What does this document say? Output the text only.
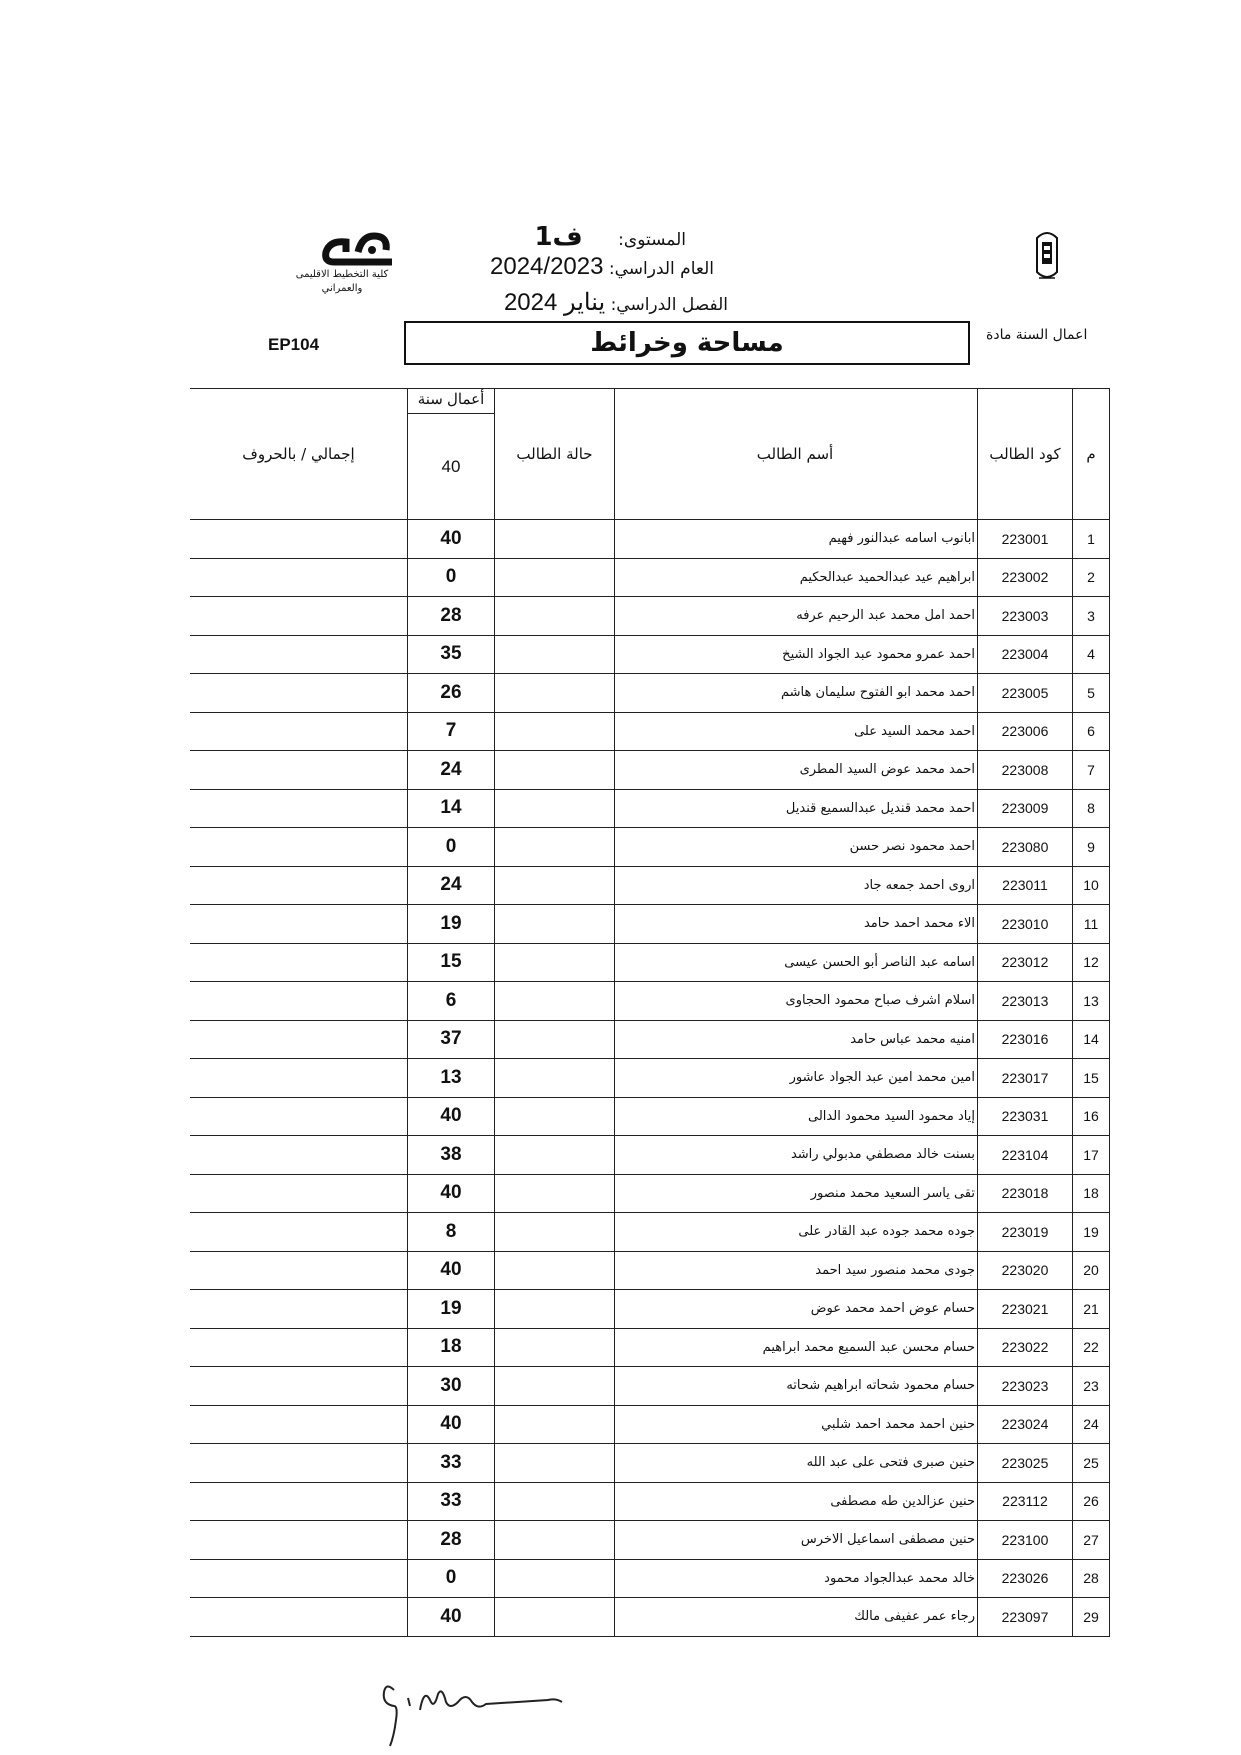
كلية التخطيط الاقليمى والعمراني
المستوى: ف1
العام الدراسي: 2024/2023
الفصل الدراسي: يناير 2024
اعمال السنة مادة
مساحة وخرائط
EP104
إجمالي / بالحروف	أعمال سنة
40	حالة الطالب	أسم الطالب	كود الطالب	م
	40		ابانوب اسامه عبدالنور فهيم	223001	1
	0		ابراهيم عيد عبدالحميد عبدالحكيم	223002	2
	28		احمد امل محمد عبد الرحيم عرفه	223003	3
	35		احمد عمرو محمود عبد الجواد الشيخ	223004	4
	26		احمد محمد ابو الفتوح سليمان هاشم	223005	5
	7		احمد محمد السيد على	223006	6
	24		احمد محمد عوض السيد المطرى	223008	7
	14		احمد محمد قنديل عبدالسميع قنديل	223009	8
	0		احمد محمود نصر حسن	223080	9
	24		اروى احمد جمعه جاد	223011	10
	19		الاء محمد احمد حامد	223010	11
	15		اسامه عبد الناصر أبو الحسن عيسى	223012	12
	6		اسلام اشرف صباح محمود الحجاوى	223013	13
	37		امنيه محمد عباس حامد	223016	14
	13		امين محمد امين عبد الجواد عاشور	223017	15
	40		إياد محمود السيد محمود الدالى	223031	16
	38		بسنت خالد مصطفي مدبولي راشد	223104	17
	40		تقى ياسر السعيد محمد منصور	223018	18
	8		جوده محمد جوده عبد القادر على	223019	19
	40		جودى محمد منصور سيد احمد	223020	20
	19		حسام عوض احمد محمد عوض	223021	21
	18		حسام محسن عبد السميع محمد ابراهيم	223022	22
	30		حسام محمود شحاته ابراهيم شحاته	223023	23
	40		حنين احمد محمد احمد شلبي	223024	24
	33		حنين صبرى فتحى على عبد الله	223025	25
	33		حنين عزالدين طه مصطفى	223112	26
	28		حنين مصطفى اسماعيل الاخرس	223100	27
	0		خالد محمد عبدالجواد محمود	223026	28
	40		رجاء عمر عفيفى مالك	223097	29
